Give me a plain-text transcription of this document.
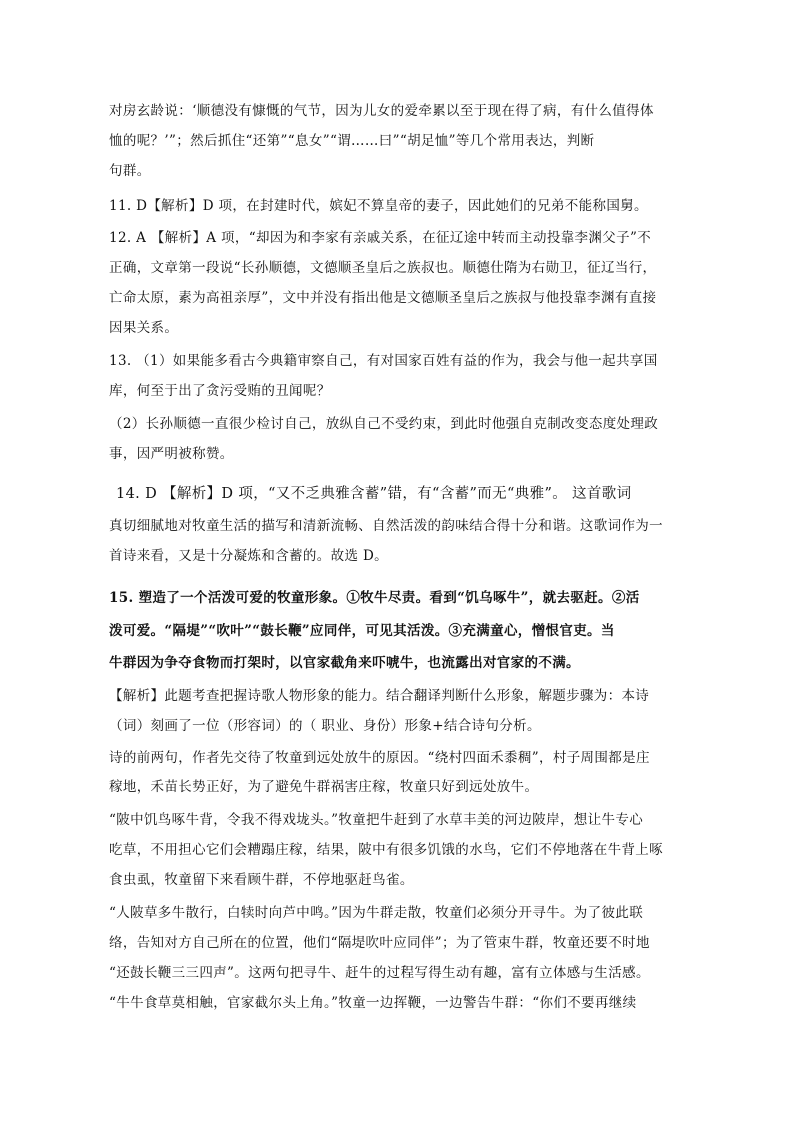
对房玄龄说：‘顺德没有慷慨的气节，因为儿女的爱牵累以至于现在得了病，有什么值得体
恤的呢？’”；然后抓住“还第”“息女”“谓……曰”“胡足恤”等几个常用表达，判断
句群。
11. D【解析】D 项，在封建时代，嫔妃不算皇帝的妻子，因此她们的兄弟不能称国舅。
12. A 【解析】A 项，“却因为和李家有亲戚关系，在征辽途中转而主动投靠李渊父子”不
正确，文章第一段说“长孙顺德，文德顺圣皇后之族叔也。顺德仕隋为右勋卫，征辽当行，
亡命太原，素为高祖亲厚”，文中并没有指出他是文德顺圣皇后之族叔与他投靠李渊有直接
因果关系。
13. （1）如果能多看古今典籍审察自己，有对国家百姓有益的作为，我会与他一起共享国
库，何至于出了贪污受贿的丑闻呢？
（2）长孙顺德一直很少检讨自己，放纵自己不受约束，到此时他强自克制改变态度处理政
事，因严明被称赞。
14. D 【解析】D 项，“又不乏典雅含蓄”错，有“含蓄”而无“典雅”。 这首歌词
真切细腻地对牧童生活的描写和清新流畅、自然活泼的韵味结合得十分和谐。这歌词作为一
首诗来看，又是十分凝炼和含蓄的。故选 D。
15. 塑造了一个活泼可爱的牧童形象。①牧牛尽责。看到“饥乌啄牛”，就去驱赶。②活
泼可爱。“隔堤”“吹叶”“鼓长鞭”应同伴，可见其活泼。③充满童心，憎恨官吏。当
牛群因为争夺食物而打架时，以官家截角来吓唬牛，也流露出对官家的不满。
【解析】此题考查把握诗歌人物形象的能力。结合翻译判断什么形象，解题步骤为：本诗
（词）刻画了一位（形容词）的（ 职业、身份）形象+结合诗句分析。
诗的前两句，作者先交待了牧童到远处放牛的原因。“绕村四面禾黍稠”，村子周围都是庄
稼地，禾苗长势正好，为了避免牛群祸害庄稼，牧童只好到远处放牛。
“陂中饥鸟啄牛背，令我不得戏垅头。”牧童把牛赶到了水草丰美的河边陂岸，想让牛专心
吃草，不用担心它们会糟蹋庄稼，结果，陂中有很多饥饿的水鸟，它们不停地落在牛背上啄
食虫虱，牧童留下来看顾牛群，不停地驱赶鸟雀。
“人陂草多牛散行，白犊时向芦中鸣。”因为牛群走散，牧童们必须分开寻牛。为了彼此联
络，告知对方自己所在的位置，他们“隔堤吹叶应同伴”；为了管束牛群，牧童还要不时地
“还鼓长鞭三三四声”。这两句把寻牛、赶牛的过程写得生动有趣，富有立体感与生活感。
“牛牛食草莫相触，官家截尔头上角。”牧童一边挥鞭，一边警告牛群：“你们不要再继续
